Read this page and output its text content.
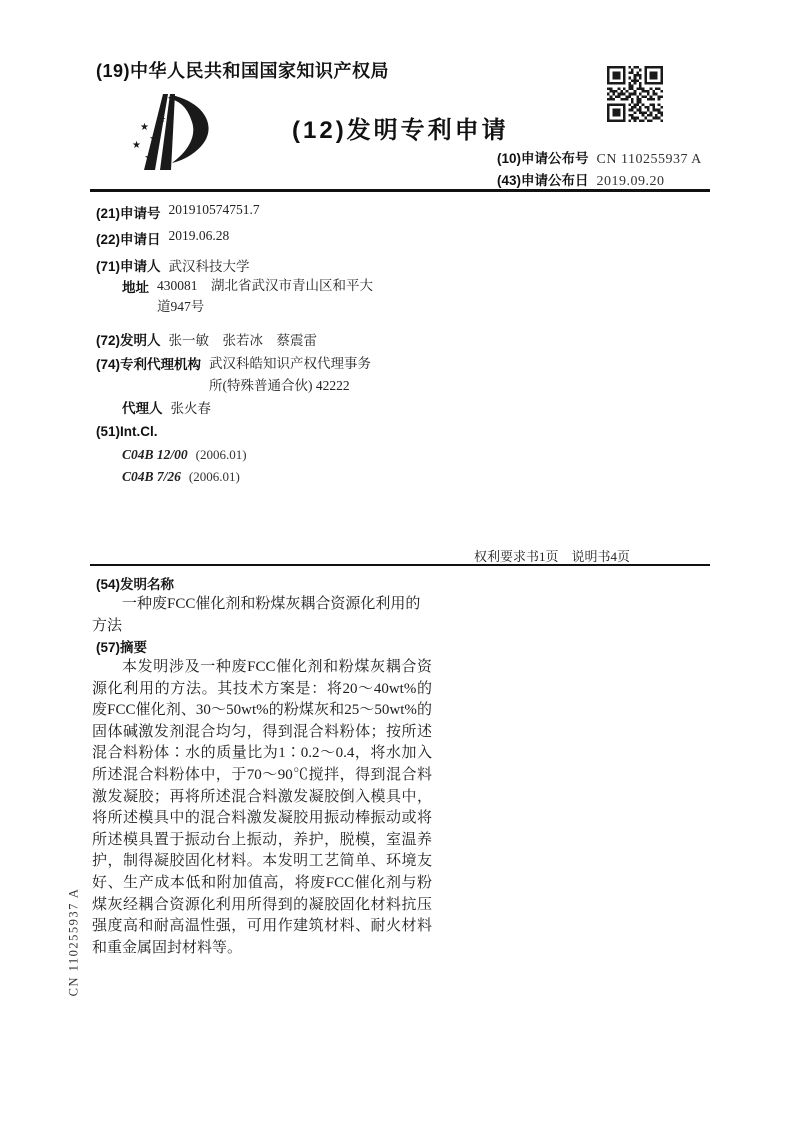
(19)中华人民共和国国家知识产权局
★
★
★
★
★
(12)发明专利申请
(10)申请公布号 CN 110255937 A
(43)申请公布日 2019.09.20
(21)申请号 201910574751.7
(22)申请日 2019.06.28
(71)申请人 武汉科技大学
地址 430081　湖北省武汉市青山区和平大道947号
(72)发明人 张一敏　张若冰　蔡震雷
(74)专利代理机构 武汉科皓知识产权代理事务所(特殊普通合伙) 42222
代理人 张火春
(51)Int.Cl.
C04B 12/00 (2006.01)
C04B 7/26 (2006.01)
权利要求书1页　说明书4页
(54)发明名称
一种废FCC催化剂和粉煤灰耦合资源化利用的方法
(57)摘要
本发明涉及一种废FCC催化剂和粉煤灰耦合资源化利用的方法。其技术方案是：将20～40wt%的废FCC催化剂、30～50wt%的粉煤灰和25～50wt%的固体碱激发剂混合均匀，得到混合料粉体；按所述混合料粉体∶水的质量比为1∶0.2～0.4，将水加入所述混合料粉体中，于70～90℃搅拌，得到混合料激发凝胶；再将所述混合料激发凝胶倒入模具中，将所述模具中的混合料激发凝胶用振动棒振动或将所述模具置于振动台上振动，养护，脱模，室温养护，制得凝胶固化材料。本发明工艺简单、环境友好、生产成本低和附加值高，将废FCC催化剂与粉煤灰经耦合资源化利用所得到的凝胶固化材料抗压强度高和耐高温性强，可用作建筑材料、耐火材料和重金属固封材料等。
CN 110255937 A
